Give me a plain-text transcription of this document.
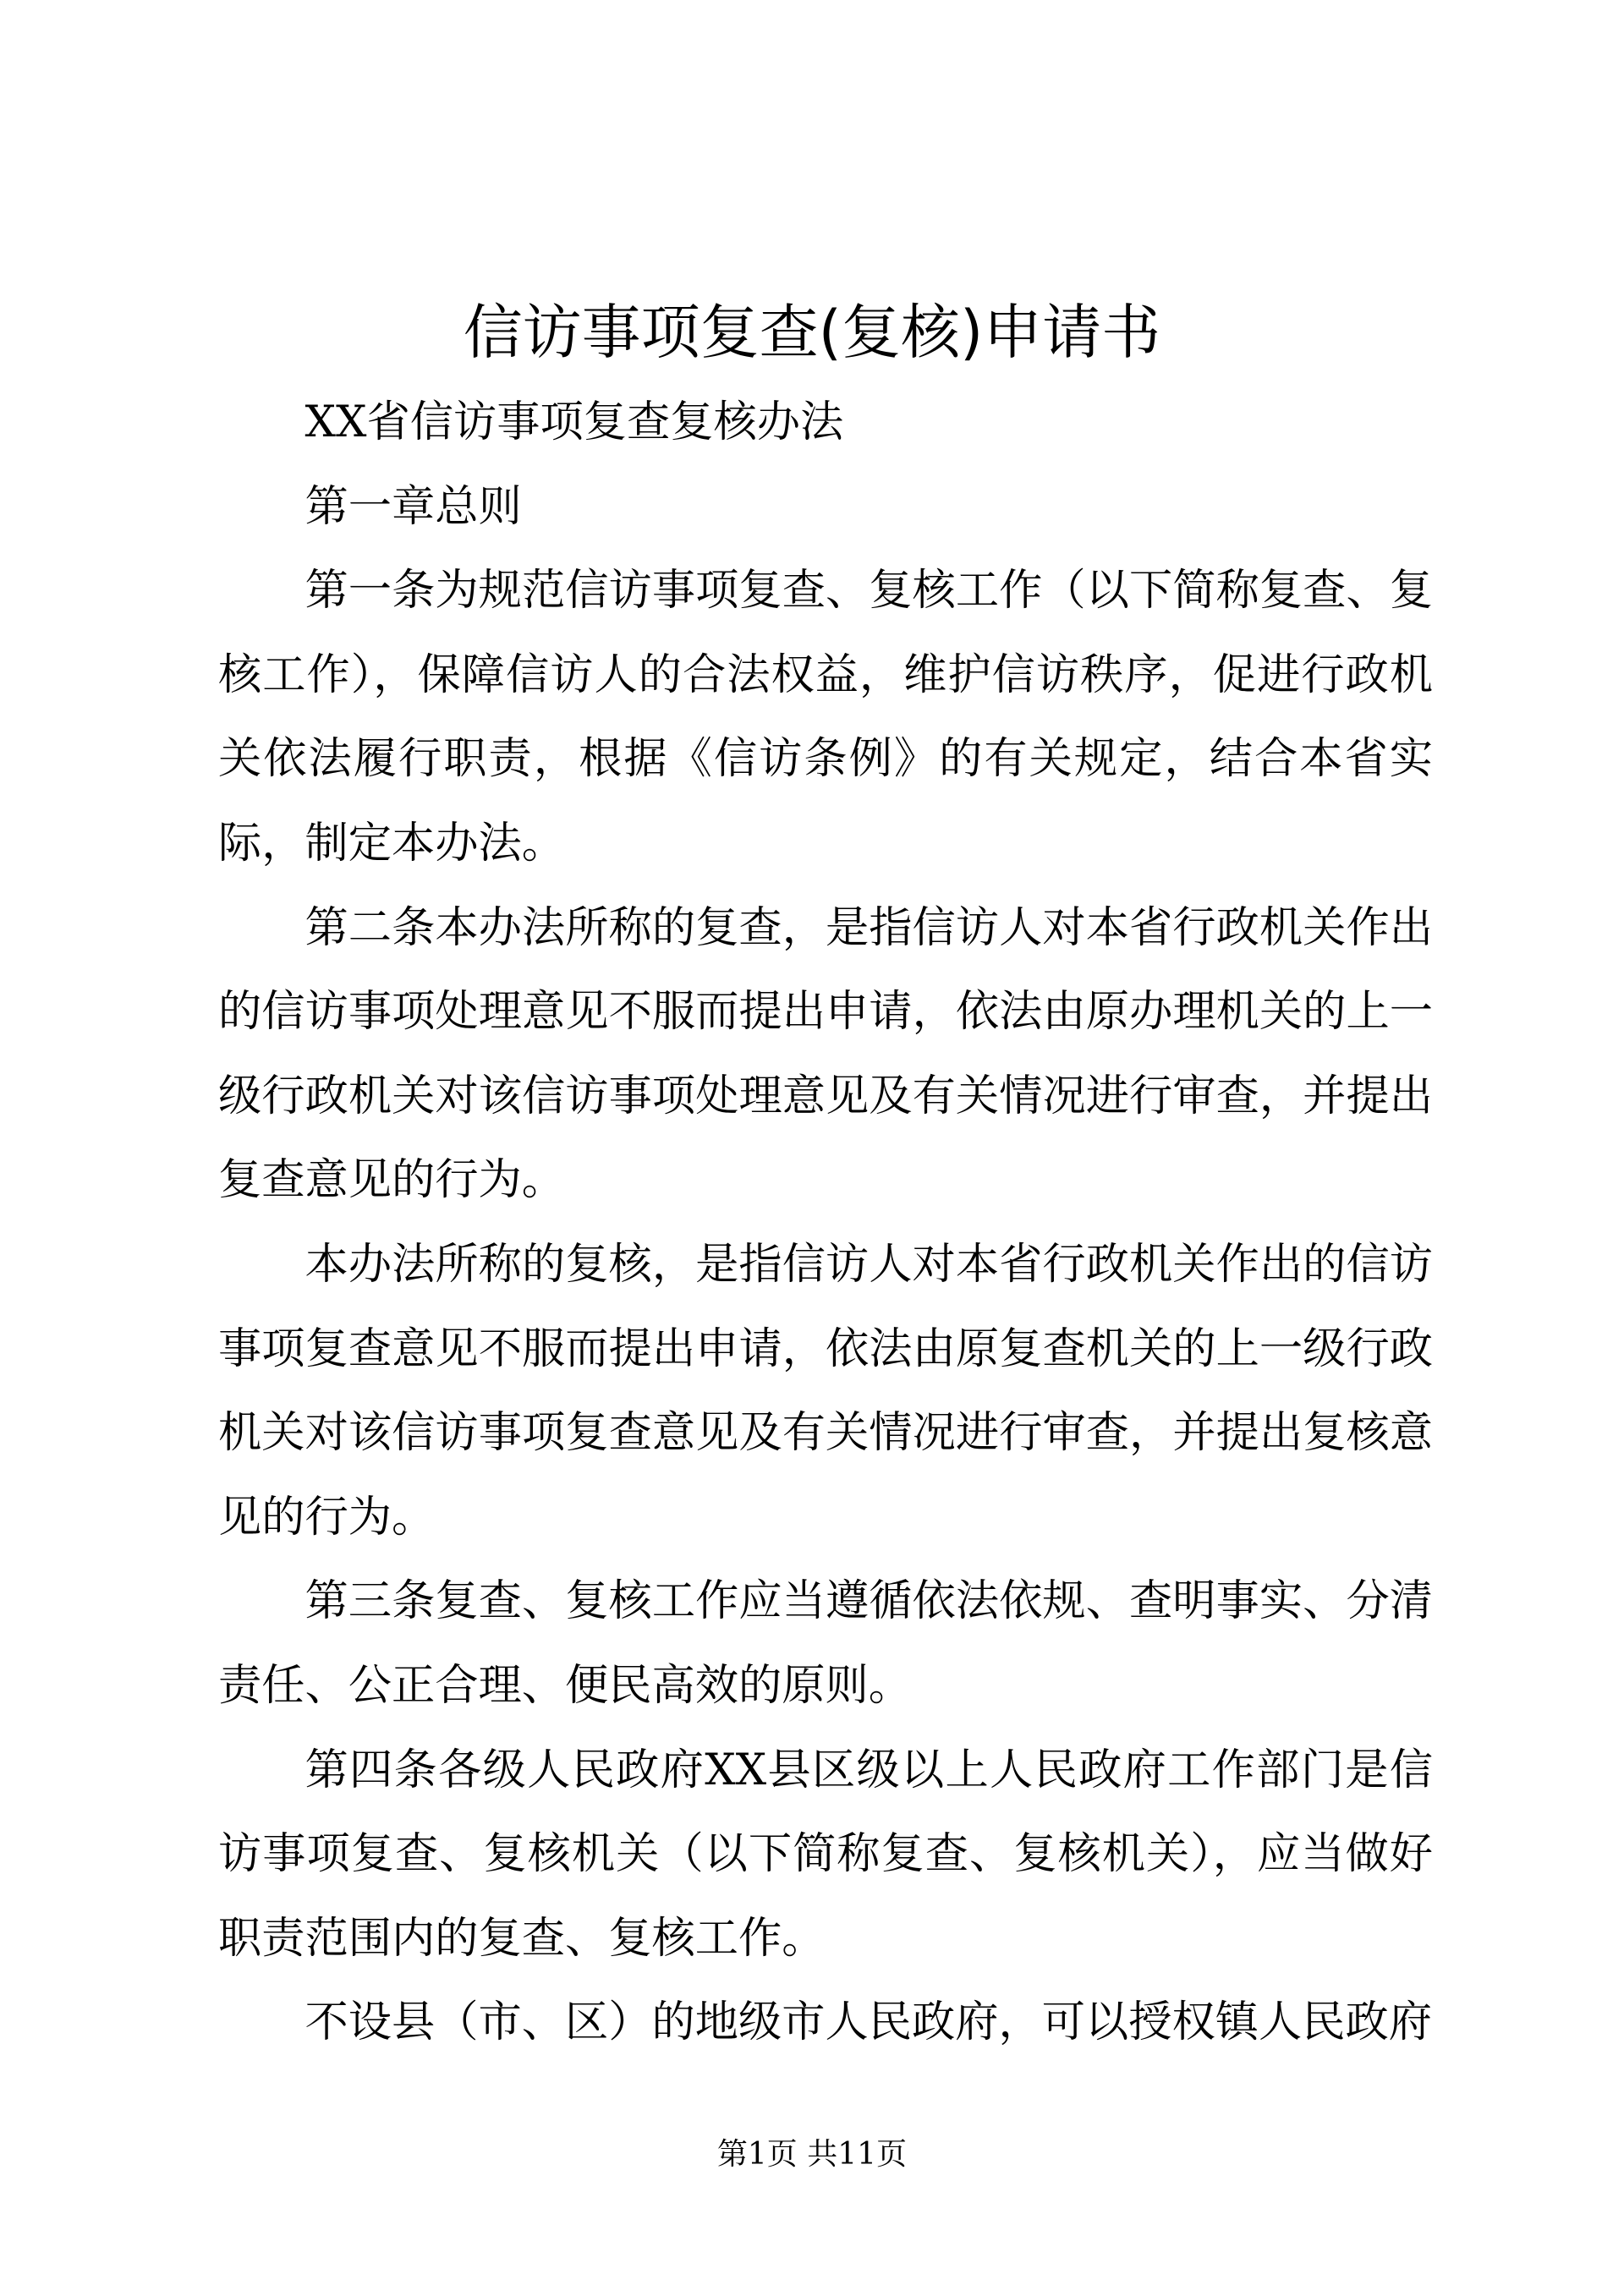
信访事项复查(复核)申请书

XX省信访事项复查复核办法

第一章总则

第一条为规范信访事项复查、复核工作（以下简称复查、复核工作），保障信访人的合法权益，维护信访秩序，促进行政机关依法履行职责，根据《信访条例》的有关规定，结合本省实际，制定本办法。

第二条本办法所称的复查，是指信访人对本省行政机关作出的信访事项处理意见不服而提出申请，依法由原办理机关的上一级行政机关对该信访事项处理意见及有关情况进行审查，并提出复查意见的行为。

本办法所称的复核，是指信访人对本省行政机关作出的信访事项复查意见不服而提出申请，依法由原复查机关的上一级行政机关对该信访事项复查意见及有关情况进行审查，并提出复核意见的行为。

第三条复查、复核工作应当遵循依法依规、查明事实、分清责任、公正合理、便民高效的原则。

第四条各级人民政府XX县区级以上人民政府工作部门是信访事项复查、复核机关（以下简称复查、复核机关），应当做好职责范围内的复查、复核工作。

不设县（市、区）的地级市人民政府，可以授权镇人民政府

第1页 共11页
